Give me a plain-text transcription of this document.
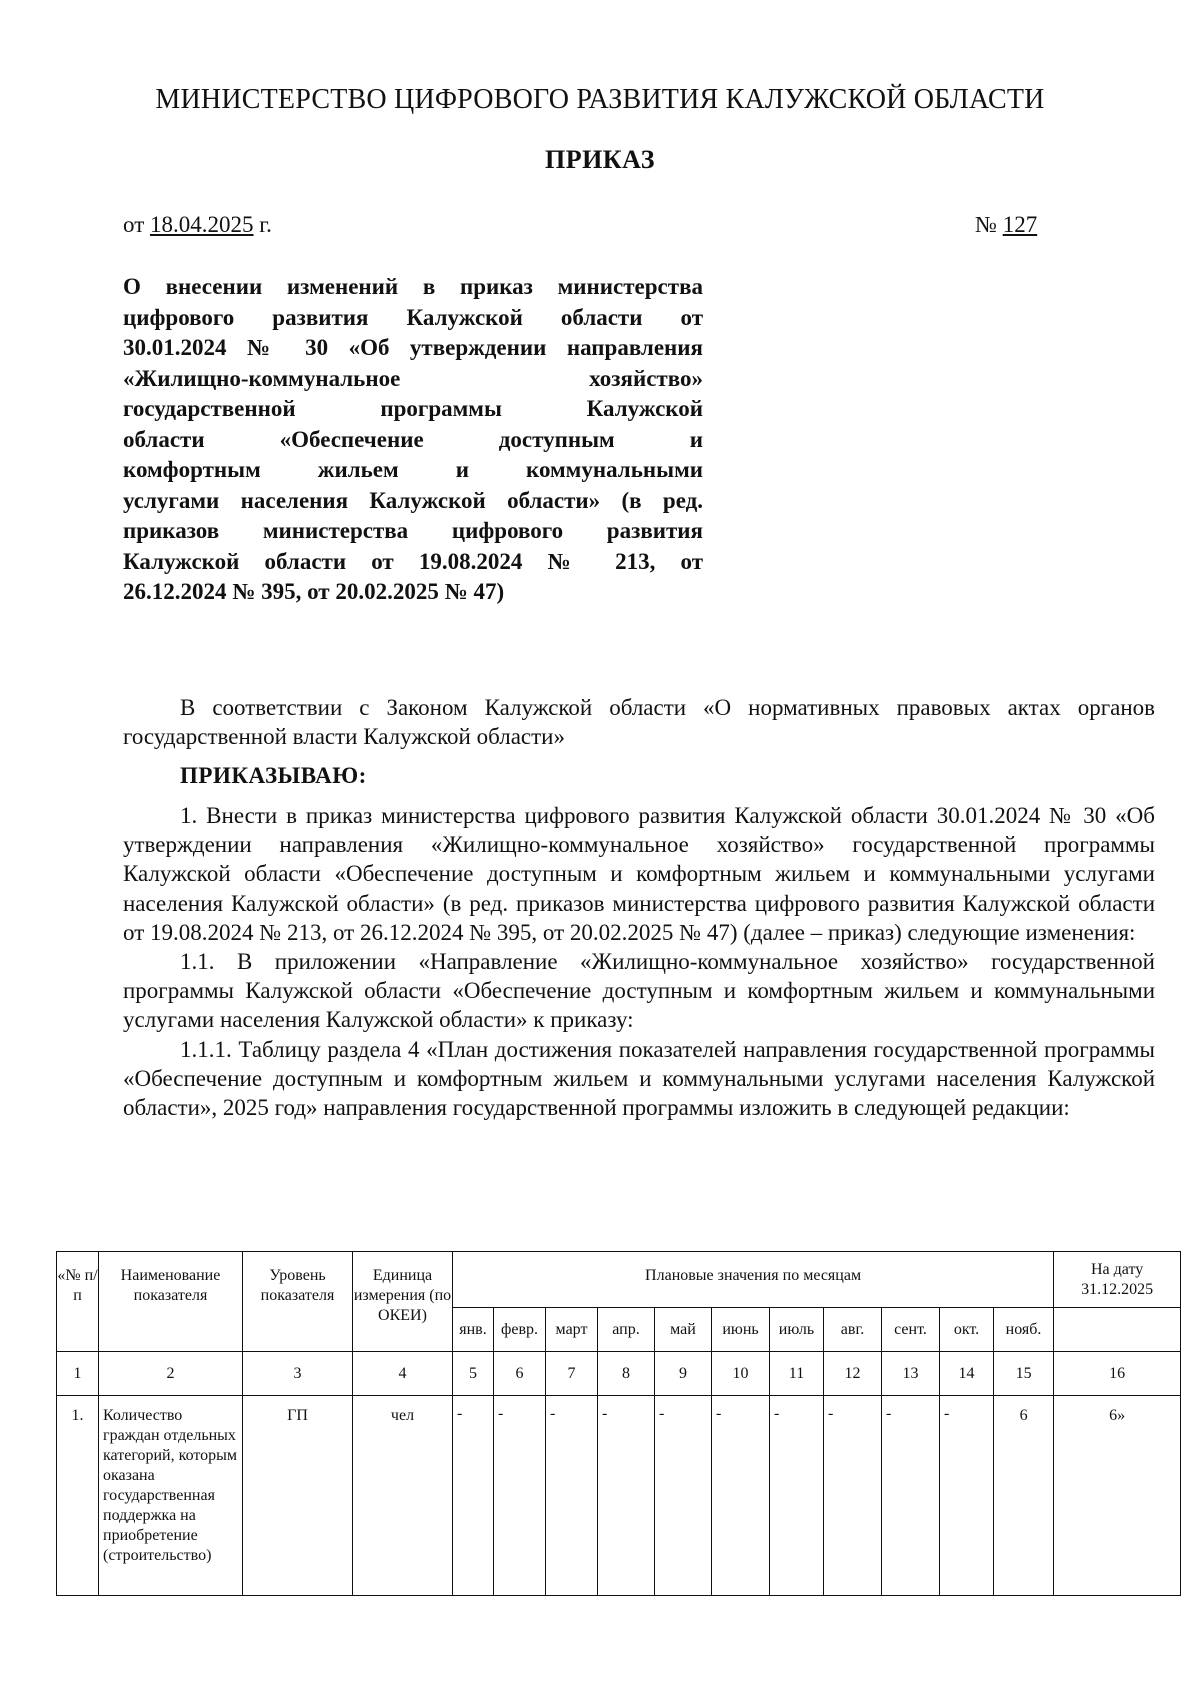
МИНИСТЕРСТВО ЦИФРОВОГО РАЗВИТИЯ КАЛУЖСКОЙ ОБЛАСТИ
ПРИКАЗ
от 18.04.2025 г.	№ 127
О внесении изменений в приказ министерства
цифрового развития Калужской области от
30.01.2024 № 30 «Об утверждении направления
«Жилищно-коммунальное хозяйство»
государственной программы Калужской
области «Обеспечение доступным и
комфортным жильем и коммунальными
услугами населения Калужской области» (в ред.
приказов министерства цифрового развития
Калужской области от 19.08.2024 № 213, от
26.12.2024 № 395, от 20.02.2025 № 47)
В соответствии с Законом Калужской области «О нормативных правовых актах органов государственной власти Калужской области»
ПРИКАЗЫВАЮ:
1. Внести в приказ министерства цифрового развития Калужской области 30.01.2024 № 30 «Об утверждении направления «Жилищно-коммунальное хозяйство» государственной программы Калужской области «Обеспечение доступным и комфортным жильем и коммунальными услугами населения Калужской области» (в ред. приказов министерства цифрового развития Калужской области от 19.08.2024 № 213, от 26.12.2024 № 395, от 20.02.2025 № 47) (далее – приказ) следующие изменения:
1.1. В приложении «Направление «Жилищно-коммунальное хозяйство» государственной программы Калужской области «Обеспечение доступным и комфортным жильем и коммунальными услугами населения Калужской области» к приказу:
1.1.1. Таблицу раздела 4 «План достижения показателей направления государственной программы «Обеспечение доступным и комфортным жильем и коммунальными услугами населения Калужской области», 2025 год» направления государственной программы изложить в следующей редакции:
«№ п/п	Наименование показателя	Уровень показателя	Единица измерения (по ОКЕИ)	Плановые значения по месяцам											На дату 31.12.2025
				янв.	февр.	март	апр.	май	июнь	июль	авг.	сент.	окт.	нояб.	
1	2	3	4	5	6	7	8	9	10	11	12	13	14	15	16
1.	Количество граждан отдельных категорий, которым оказана государственная поддержка на приобретение (строительство)	ГП	чел	-	-	-	-	-	-	-	-	-	-	6	6»
